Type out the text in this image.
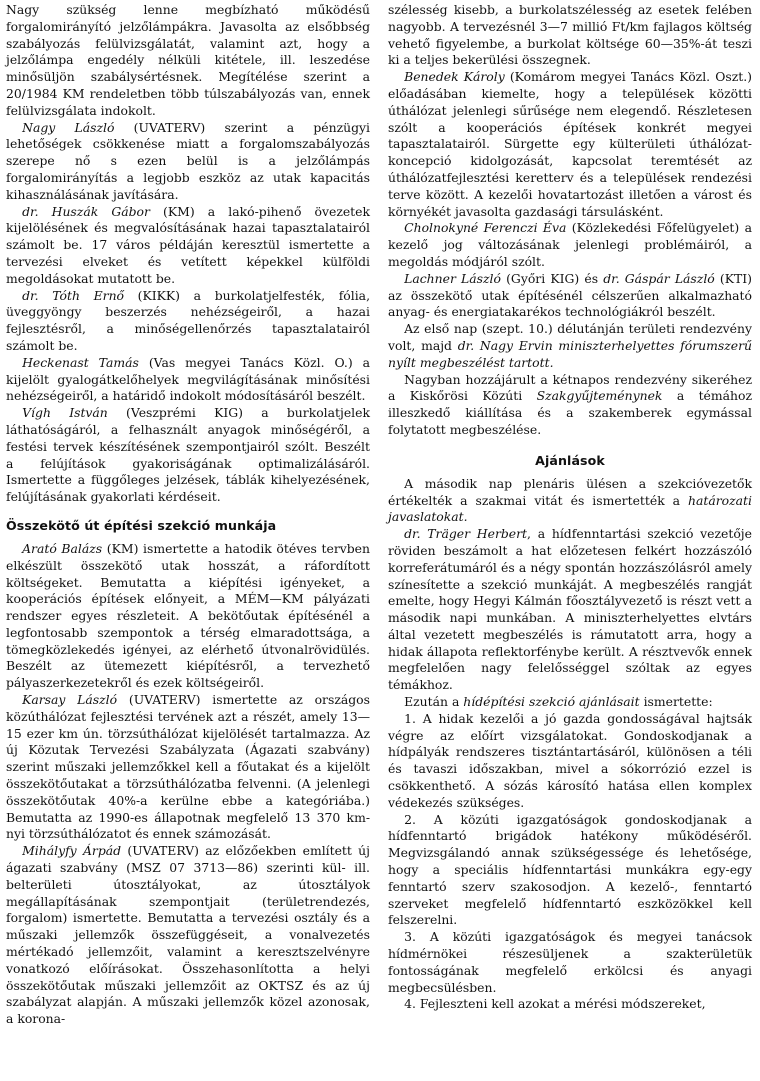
Nagy szükség lenne megbízható működésű forgalomirányító jelzőlámpákra. Javasolta az elsőbbség szabályozás felülvizsgálatát, valamint azt, hogy a jelzőlámpa engedély nélküli kitétele, ill. leszedése minősüljön szabálysértésnek. Megítélése szerint a 20/1984 KM rendeletben több túlszabályozás van, ennek felülvizsgálata indokolt.

Nagy László (UVATERV) szerint a pénzügyi lehetőségek csökkenése miatt a forgalomszabályozás szerepe nő s ezen belül is a jelzőlámpás forgalomirányítás a legjobb eszköz az utak kapacitás kihasználásának javítására.

dr. Huszák Gábor (KM) a lakó-pihenő övezetek kijelölésének és megvalósításának hazai tapasztalatairól számolt be. 17 város példáján keresztül ismertette a tervezési elveket és vetített képekkel külföldi megoldásokat mutatott be.

dr. Tóth Ernő (KIKK) a burkolatjelfesték, fólia, üveggyöngy beszerzés nehézségeiről, a hazai fejlesztésről, a minőségellenőrzés tapasztalatairól számolt be.

Heckenast Tamás (Vas megyei Tanács Közl. O.) a kijelölt gyalogátkelőhelyek megvilágításának minősítési nehézségeiről, a határidő indokolt módosításáról beszélt.

Vígh István (Veszprémi KIG) a burkolatjelek láthatóságáról, a felhasznált anyagok minőségéről, a festési tervek készítésének szempontjairól szólt. Beszélt a felújítások gyakoriságának optimalizálásáról. Ismertette a függőleges jelzések, táblák kihelyezésének, felújításának gyakorlati kérdéseit.

Összekötő út építési szekció munkája

Arató Balázs (KM) ismertette a hatodik ötéves tervben elkészült összekötő utak hosszát, a ráfordított költségeket. Bemutatta a kiépítési igényeket, a kooperációs építések előnyeit, a MÉM—KM pályázati rendszer egyes részleteit. A bekötőutak építésénél a legfontosabb szempontok a térség elmaradottsága, a tömegközlekedés igényei, az elérhető útvonalrövidülés. Beszélt az ütemezett kiépítésről, a tervezhető pályaszerkezetekről és ezek költségeiről.

Karsay László (UVATERV) ismertette az országos közúthálózat fejlesztési tervének azt a részét, amely 13—15 ezer km ún. törzsúthálózat kijelölését tartalmazza. Az új Közutak Tervezési Szabályzata (Ágazati szabvány) szerint műszaki jellemzőkkel kell a főutakat és a kijelölt összekötőutakat a törzsúthálózatba felvenni. (A jelenlegi összekötőutak 40%-a kerülne ebbe a kategóriába.) Bemutatta az 1990-es állapotnak megfelelő 13 370 km-nyi törzsúthálózatot és ennek számozását.

Mihályfy Árpád (UVATERV) az előzőekben említett új ágazati szabvány (MSZ 07 3713—86) szerinti kül- ill. belterületi útosztályokat, az útosztályok megállapításának szempontjait (területrendezés, forgalom) ismertette. Bemutatta a tervezési osztály és a műszaki jellemzők összefüggéseit, a vonalvezetés mértékadó jellemzőit, valamint a keresztszelvényre vonatkozó előírásokat. Összehasonlította a helyi összekötőutak műszaki jellemzőit az OKTSZ és az új szabályzat alapján. A műszaki jellemzők közel azonosak, a korona-

szélesség kisebb, a burkolatszélesség az esetek felében nagyobb. A tervezésnél 3—7 millió Ft/km fajlagos költség vehető figyelembe, a burkolat költsége 60—35%-át teszi ki a teljes bekerülési összegnek.

Benedek Károly (Komárom megyei Tanács Közl. Oszt.) előadásában kiemelte, hogy a települések közötti úthálózat jelenlegi sűrűsége nem elegendő. Részletesen szólt a kooperációs építések konkrét megyei tapasztalatairól. Sürgette egy külterületi úthálózat-koncepció kidolgozását, kapcsolat teremtését az úthálózatfejlesztési keretterv és a települések rendezési terve között. A kezelői hovatartozást illetően a várost és környékét javasolta gazdasági társulásként.

Cholnokyné Ferenczi Éva (Közlekedési Főfelügyelet) a kezelő jog változásának jelenlegi problémáiról, a megoldás módjáról szólt.

Lachner László (Győri KIG) és dr. Gáspár László (KTI) az összekötő utak építésénél célszerűen alkalmazható anyag- és energiatakarékos technológiákról beszélt.

Az első nap (szept. 10.) délutánján területi rendezvény volt, majd dr. Nagy Ervin miniszterhelyettes fórumszerű nyílt megbeszélést tartott.

Nagyban hozzájárult a kétnapos rendezvény sikeréhez a Kiskőrösi Közúti Szakgyűjteménynek a témához illeszkedő kiállítása és a szakemberek egymással folytatott megbeszélése.

Ajánlások

A második nap plenáris ülésen a szekcióvezetők értékelték a szakmai vitát és ismertették a határozati javaslatokat.

dr. Träger Herbert, a hídfenntartási szekció vezetője röviden beszámolt a hat előzetesen felkért hozzászóló korreferátumáról és a négy spontán hozzászólásról amely színesítette a szekció munkáját. A megbeszélés rangját emelte, hogy Hegyi Kálmán főosztályvezető is részt vett a második napi munkában. A miniszterhelyettes elvtárs által vezetett megbeszélés is rámutatott arra, hogy a hidak állapota reflektorfénybe került. A résztvevők ennek megfelelően nagy felelősséggel szóltak az egyes témákhoz.

Ezután a hídépítési szekció ajánlásait ismertette:

1. A hidak kezelői a jó gazda gondosságával hajtsák végre az előírt vizsgálatokat. Gondoskodjanak a hídpályák rendszeres tisztántartásáról, különösen a téli és tavaszi időszakban, mivel a sókorrózió ezzel is csökkenthető. A sózás károsító hatása ellen komplex védekezés szükséges.

2. A közúti igazgatóságok gondoskodjanak a hídfenntartó brigádok hatékony működéséről. Megvizsgálandó annak szükségessége és lehetősége, hogy a speciális hídfenntartási munkákra egy-egy fenntartó szerv szakosodjon. A kezelő-, fenntartó szerveket megfelelő hídfenntartó eszközökkel kell felszerelni.

3. A közúti igazgatóságok és megyei tanácsok hídmérnökei részesüljenek a szakterületük fontosságának megfelelő erkölcsi és anyagi megbecsülésben.

4. Fejleszteni kell azokat a mérési módszereket,
